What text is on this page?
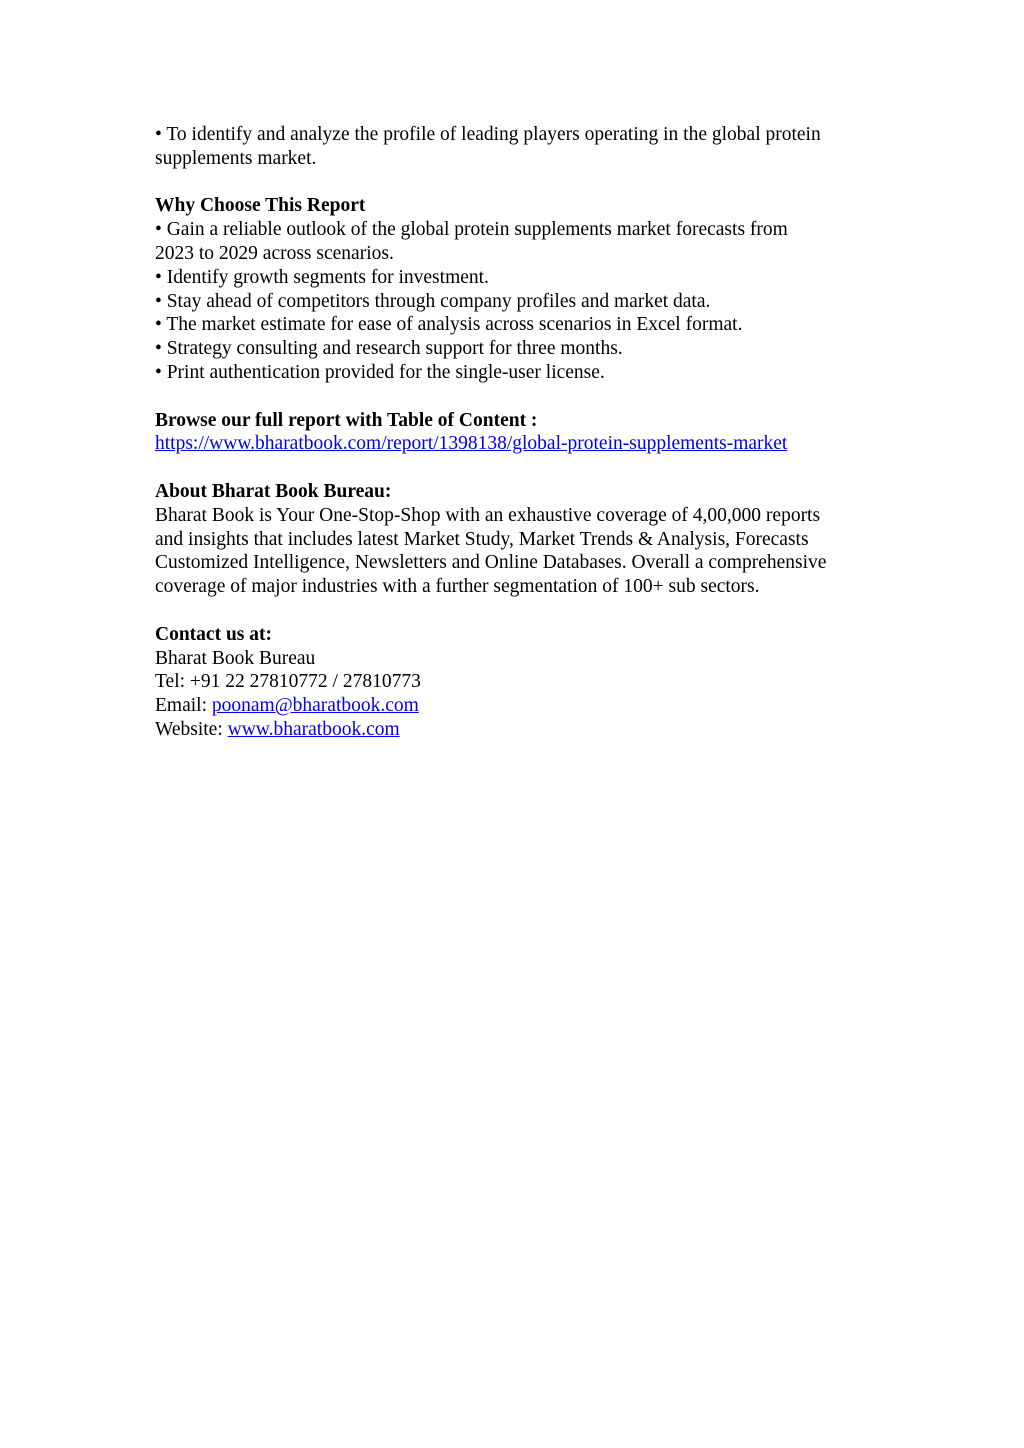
• To identify and analyze the profile of leading players operating in the global protein
supplements market.
Why Choose This Report
• Gain a reliable outlook of the global protein supplements market forecasts from
2023 to 2029 across scenarios.
• Identify growth segments for investment.
• Stay ahead of competitors through company profiles and market data.
• The market estimate for ease of analysis across scenarios in Excel format.
• Strategy consulting and research support for three months.
• Print authentication provided for the single-user license.
Browse our full report with Table of Content :
https://www.bharatbook.com/report/1398138/global-protein-supplements-market
About Bharat Book Bureau:
Bharat Book is Your One-Stop-Shop with an exhaustive coverage of 4,00,000 reports
and insights that includes latest Market Study, Market Trends & Analysis, Forecasts
Customized Intelligence, Newsletters and Online Databases. Overall a comprehensive
coverage of major industries with a further segmentation of 100+ sub sectors.
Contact us at:
Bharat Book Bureau
Tel: +91 22 27810772 / 27810773
Email: poonam@bharatbook.com
Website: www.bharatbook.com
